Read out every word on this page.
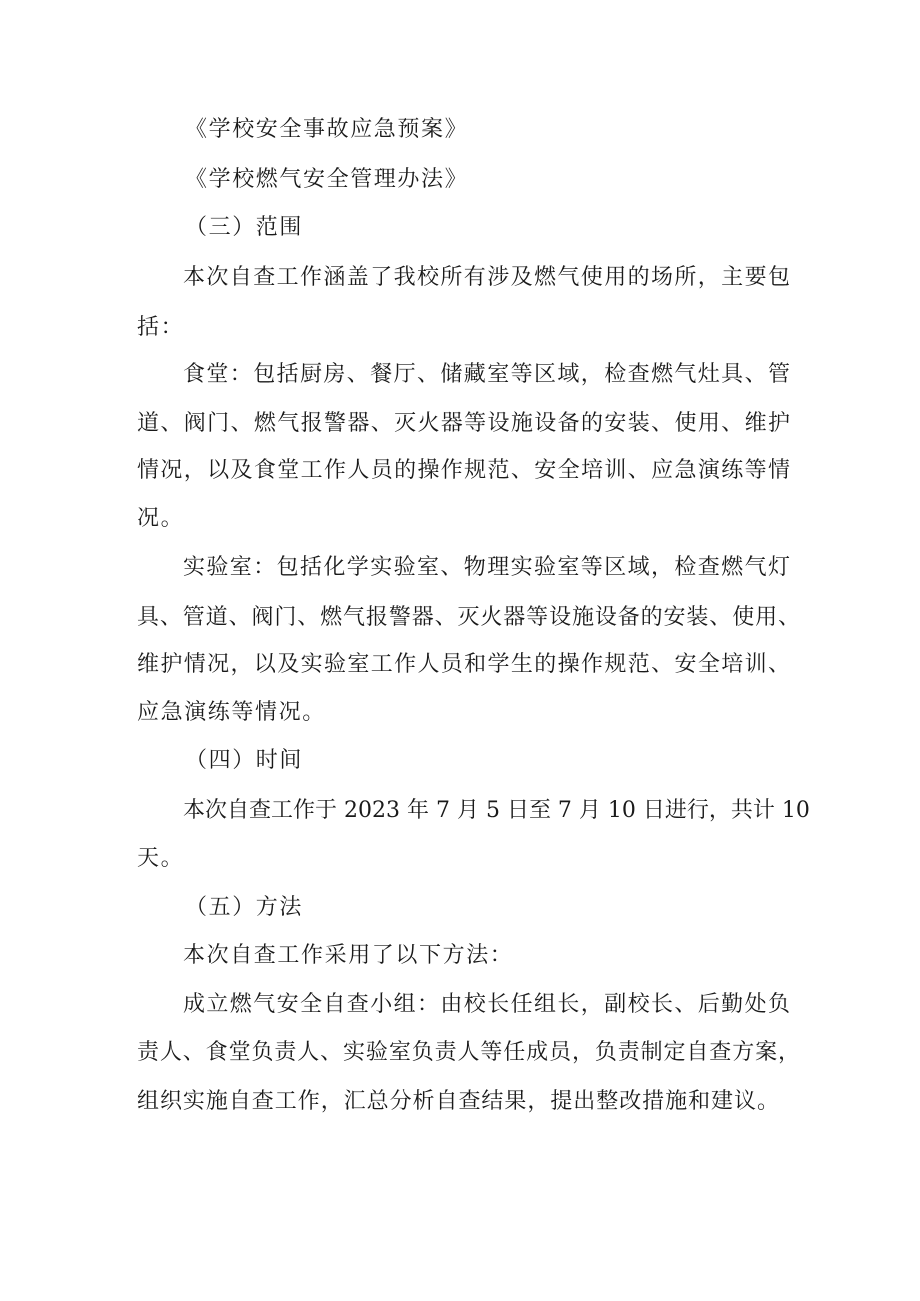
《学校安全事故应急预案》
《学校燃气安全管理办法》
（三）范围
本次自查工作涵盖了我校所有涉及燃气使用的场所，主要包
括：
食堂：包括厨房、餐厅、储藏室等区域，检查燃气灶具、管
道、阀门、燃气报警器、灭火器等设施设备的安装、使用、维护
情况，以及食堂工作人员的操作规范、安全培训、应急演练等情
况。
实验室：包括化学实验室、物理实验室等区域，检查燃气灯
具、管道、阀门、燃气报警器、灭火器等设施设备的安装、使用、
维护情况，以及实验室工作人员和学生的操作规范、安全培训、
应急演练等情况。
（四）时间
本次自查工作于 2023 年 7 月 5 日至 7 月 10 日进行，共计 10
天。
（五）方法
本次自查工作采用了以下方法：
成立燃气安全自查小组：由校长任组长，副校长、后勤处负
责人、食堂负责人、实验室负责人等任成员，负责制定自查方案，
组织实施自查工作，汇总分析自查结果，提出整改措施和建议。
